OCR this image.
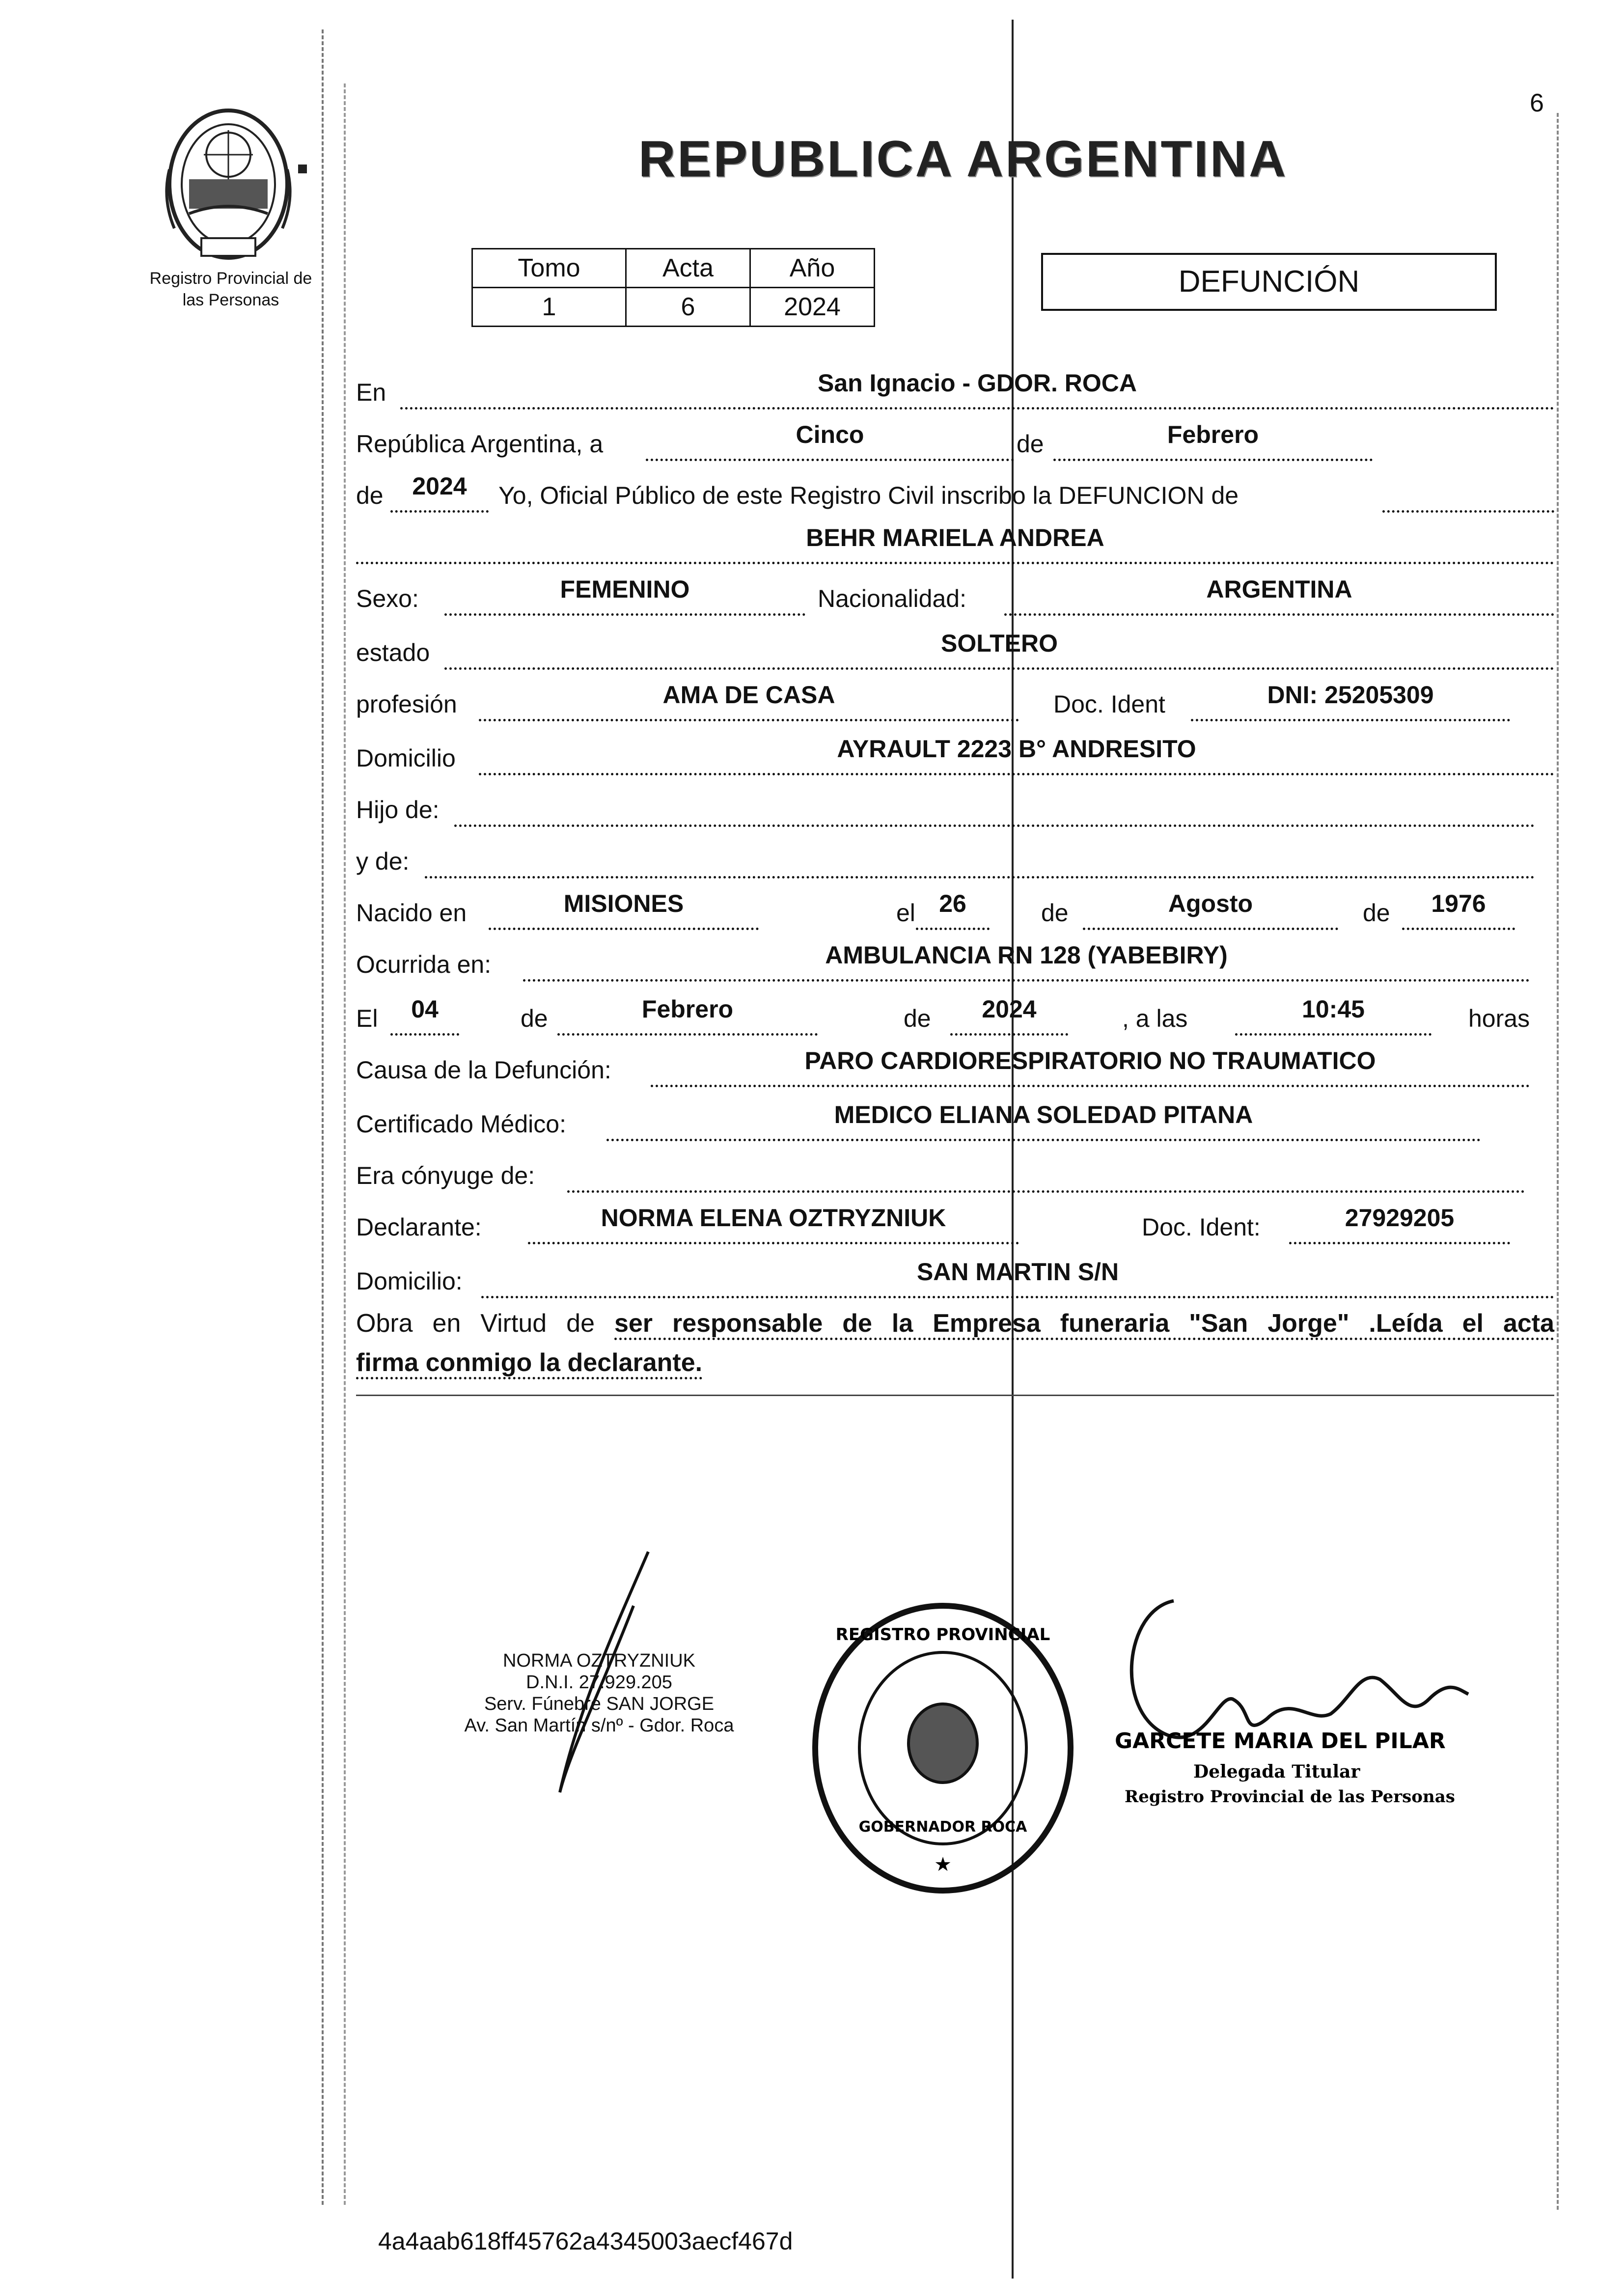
6
Registro Provincial de
las Personas
REPUBLICA ARGENTINA
Tomo	Acta	Año
1	6	2024
DEFUNCIÓN
En	San Ignacio - GDOR. ROCA
República Argentina, a	Cinco	de	Febrero
de	2024	Yo, Oficial Público de este Registro Civil inscribo la DEFUNCION de
BEHR MARIELA ANDREA
Sexo:	FEMENINO	Nacionalidad:	ARGENTINA
estado	SOLTERO
profesión	AMA DE CASA	Doc. Ident	DNI: 25205309
Domicilio	AYRAULT 2223 B° ANDRESITO
Hijo de:
y de:
Nacido en	MISIONES	el 26	de	Agosto	de	1976
Ocurrida en:	AMBULANCIA RN 128 (YABEBIRY)
El	04	de	Febrero	de	2024	, a las	10:45	horas
Causa de la Defunción:	PARO CARDIORESPIRATORIO NO TRAUMATICO
Certificado Médico:	MEDICO ELIANA SOLEDAD PITANA
Era cónyuge de:
Declarante:	NORMA ELENA OZTRYZNIUK	Doc. Ident:	27929205
Domicilio:	SAN MARTIN S/N
Obra en Virtud de ser responsable de la Empresa funeraria "San Jorge" .Leída el acta
firma conmigo la declarante.
NORMA OZTRYZNIUK
D.N.I. 27.929.205
Serv. Fúnebre SAN JORGE
Av. San Martín s/nº - Gdor. Roca
★
REGISTRO PROVINCIAL
GOBERNADOR ROCA
GARCETE MARIA DEL PILAR
Delegada Titular
Registro Provincial de las Personas
4a4aab618ff45762a4345003aecf467d
